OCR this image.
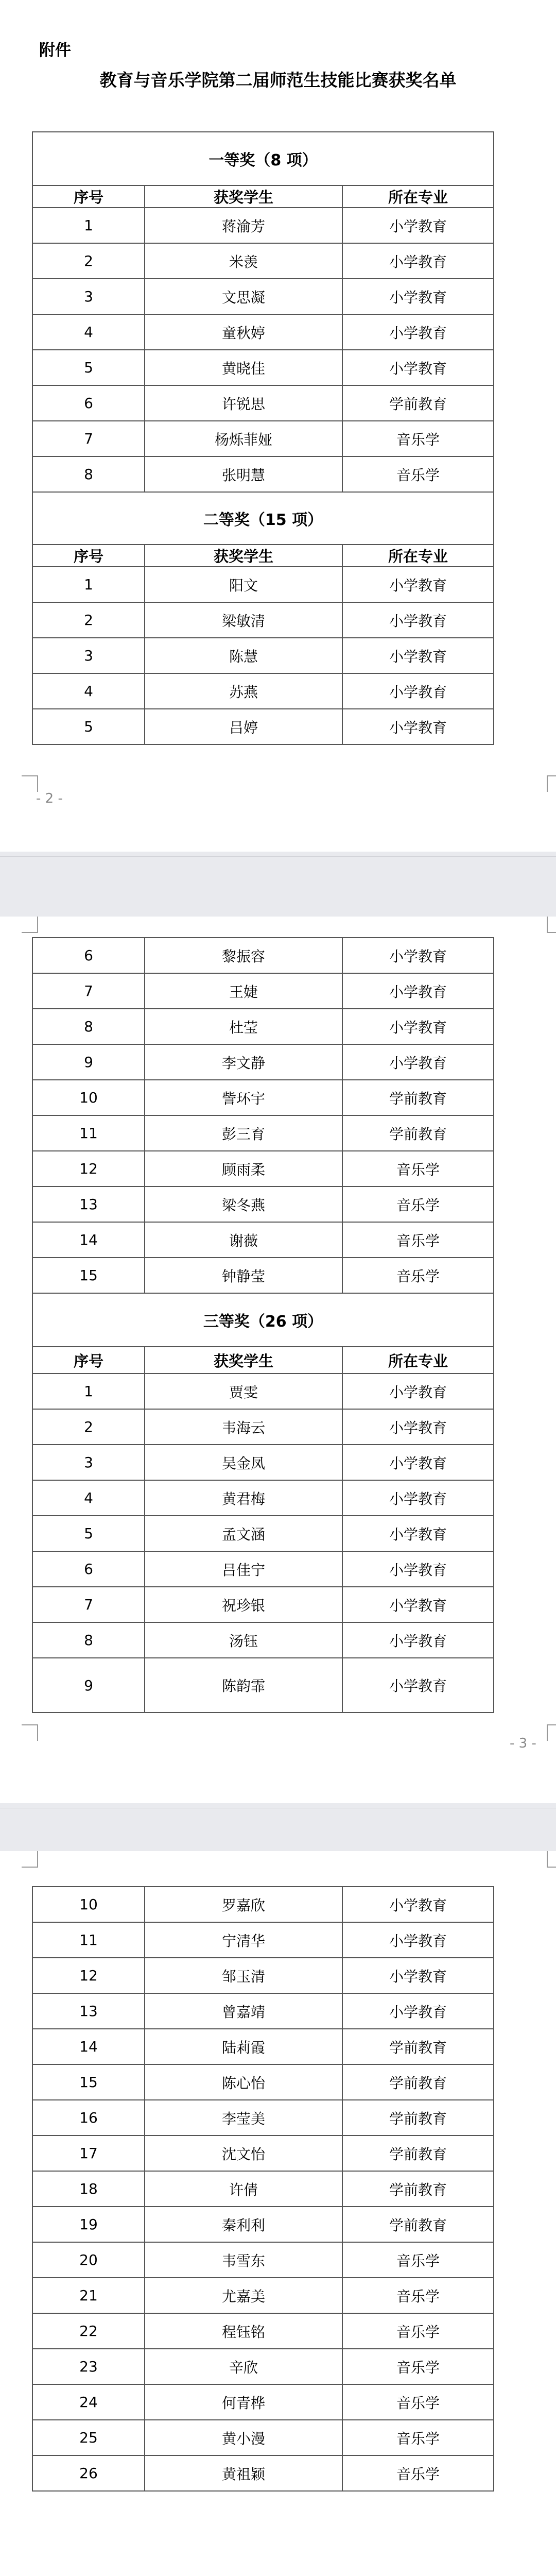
附件
教育与音乐学院第二届师范生技能比赛获奖名单
一等奖（8 项）		
序号	获奖学生	所在专业
1	蒋渝芳	小学教育
2	米羡	小学教育
3	文思凝	小学教育
4	童秋婷	小学教育
5	黄晓佳	小学教育
6	许锐思	学前教育
7	杨烁菲娅	音乐学
8	张明慧	音乐学
二等奖（15 项）		
序号	获奖学生	所在专业
1	阳文	小学教育
2	梁敏清	小学教育
3	陈慧	小学教育
4	苏燕	小学教育
5	吕婷	小学教育
- 2 -
6	黎振容	小学教育
7	王婕	小学教育
8	杜莹	小学教育
9	李文静	小学教育
10	訾环宇	学前教育
11	彭三育	学前教育
12	顾雨柔	音乐学
13	梁冬燕	音乐学
14	谢薇	音乐学
15	钟静莹	音乐学
三等奖（26 项）		
序号	获奖学生	所在专业
1	贾雯	小学教育
2	韦海云	小学教育
3	吴金凤	小学教育
4	黄君梅	小学教育
5	孟文涵	小学教育
6	吕佳宁	小学教育
7	祝珍银	小学教育
8	汤钰	小学教育
9	陈韵霏	小学教育
- 3 -
10	罗嘉欣	小学教育
11	宁清华	小学教育
12	邹玉清	小学教育
13	曾嘉靖	小学教育
14	陆莉霞	学前教育
15	陈心怡	学前教育
16	李莹美	学前教育
17	沈文怡	学前教育
18	许倩	学前教育
19	秦利利	学前教育
20	韦雪东	音乐学
21	尤嘉美	音乐学
22	程钰铭	音乐学
23	辛欣	音乐学
24	何青桦	音乐学
25	黄小漫	音乐学
26	黄祖颖	音乐学
